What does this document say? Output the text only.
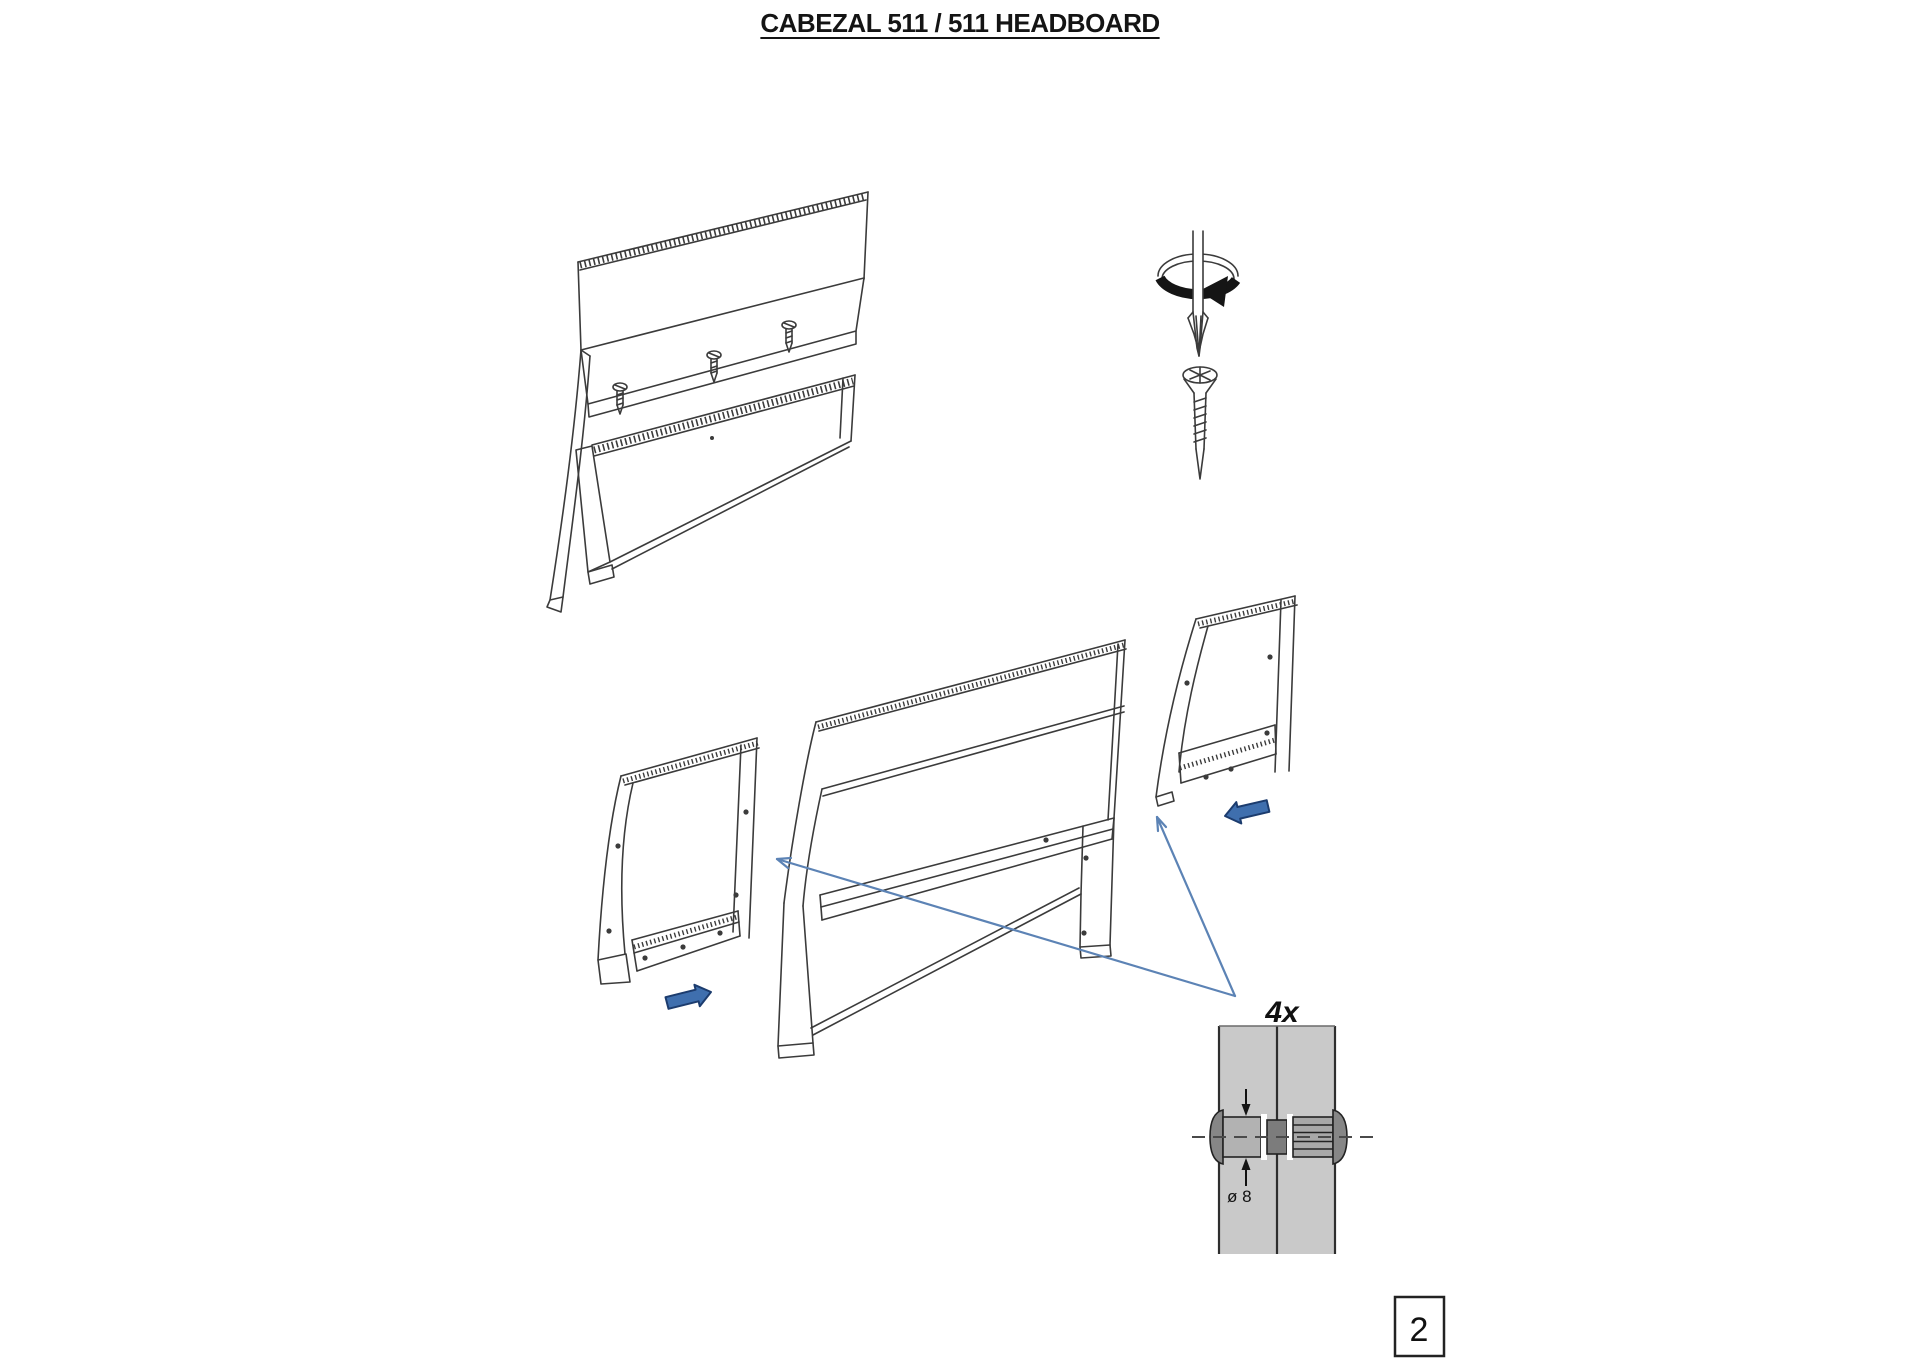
CABEZAL 511 / 511 HEADBOARD
4x
ø 8
2
